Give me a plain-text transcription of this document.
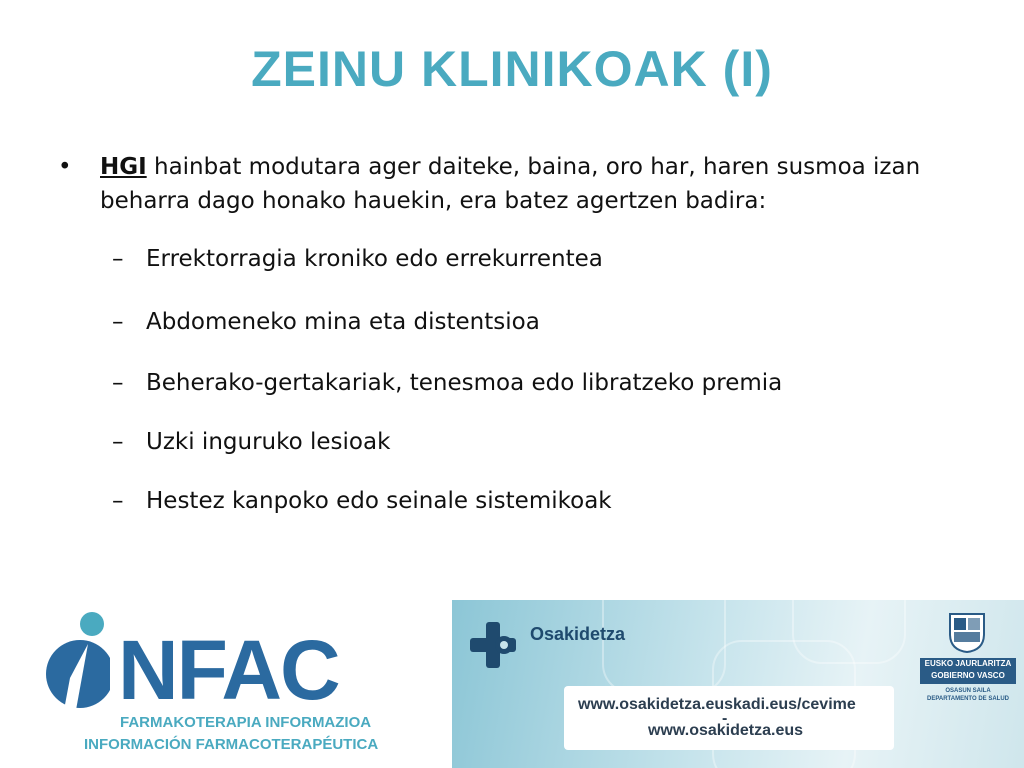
ZEINU KLINIKOAK (I)
• HGI hainbat modutara ager daiteke, baina, oro har, haren susmoa izan beharra dago honako hauekin, era batez agertzen badira:
– Errektorragia kroniko edo errekurrentea
– Abdomeneko mina eta distentsioa
– Beherako-gertakariak, tenesmoa edo libratzeko premia
– Uzki inguruko lesioak
– Hestez kanpoko edo seinale sistemikoak
NFAC
FARMAKOTERAPIA INFORMAZIOA
INFORMACIÓN FARMACOTERAPÉUTICA
Osakidetza
www.osakidetza.euskadi.eus/cevime
-
www.osakidetza.eus
EUSKO JAURLARITZA
GOBIERNO VASCO
OSASUN SAILA
DEPARTAMENTO DE SALUD
